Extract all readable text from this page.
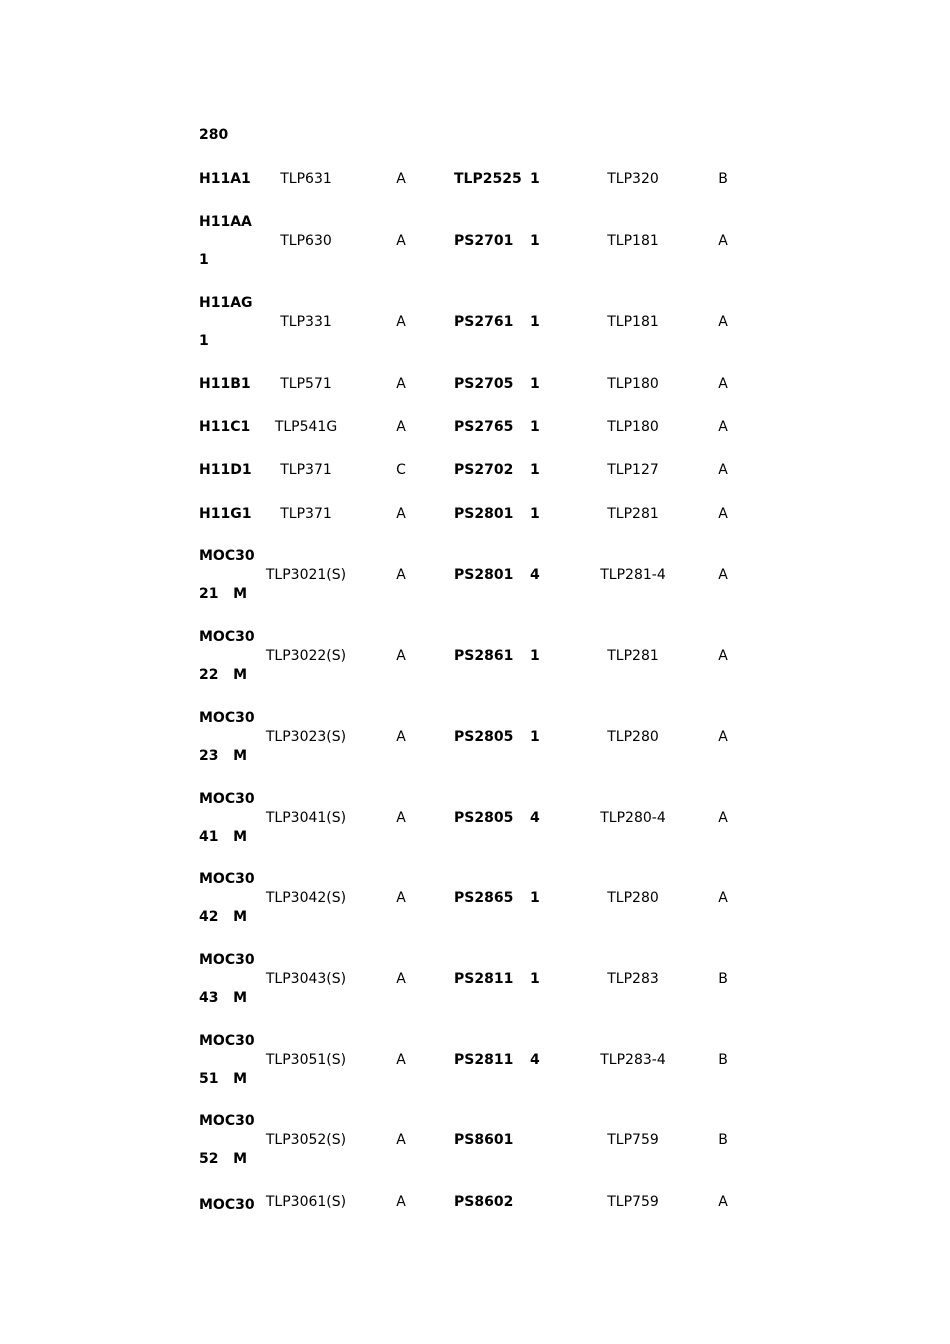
280
H11A1 TLP631	A	TLP2525 1	TLP320	B
H11AA
1
TLP630	A	PS2701 1	TLP181	A
H11AG
1
TLP331	A	PS2761 1	TLP181	A
H11B1 TLP571	A	PS2705 1	TLP180	A
H11C1 TLP541G	A	PS2765 1	TLP180	A
H11D1 TLP371	C	PS2702 1	TLP127	A
H11G1 TLP371	A	PS2801 1	TLP281	A
MOC30
21   M
TLP3021(S)	A	PS2801 4	TLP281-4	A
MOC30
22   M
TLP3022(S)	A	PS2861 1	TLP281	A
MOC30
23   M
TLP3023(S)	A	PS2805 1	TLP280	A
MOC30
41   M
TLP3041(S)	A	PS2805 4	TLP280-4	A
MOC30
42   M
TLP3042(S)	A	PS2865 1	TLP280	A
MOC30
43   M
TLP3043(S)	A	PS2811 1	TLP283	B
MOC30
51   M
TLP3051(S)	A	PS2811 4	TLP283-4	B
MOC30
52   M
TLP3052(S)	A	PS8601	TLP759	B
MOC30 TLP3061(S)	A	PS8602	TLP759	A
